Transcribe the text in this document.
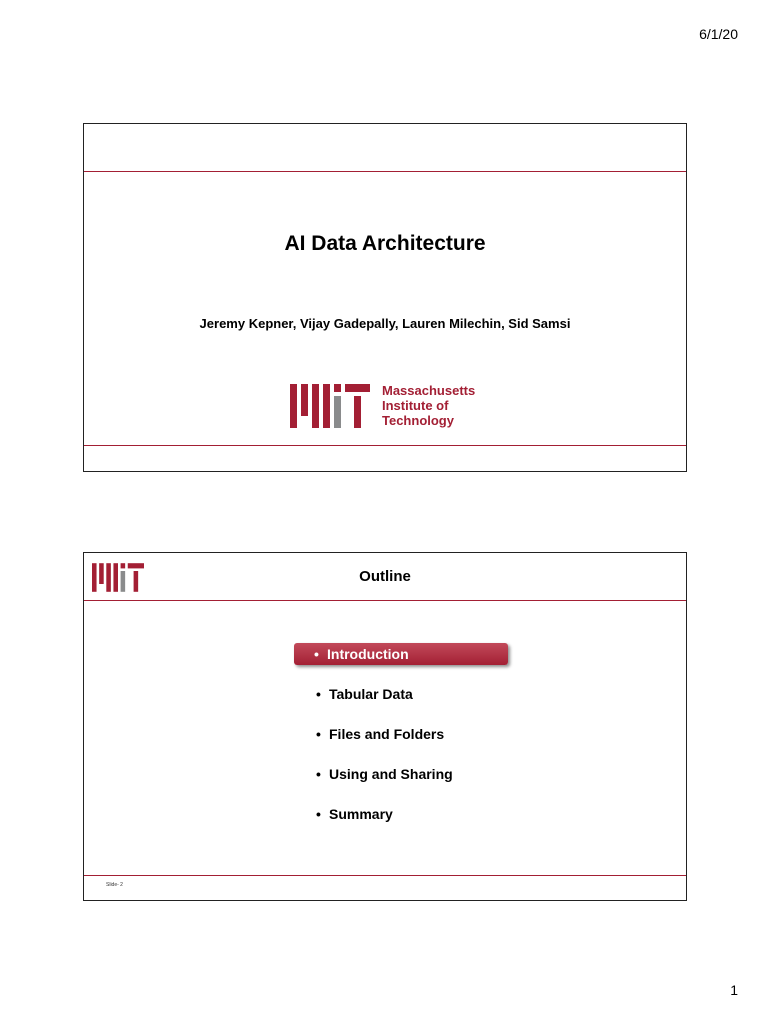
6/1/20
AI Data Architecture
Jeremy Kepner, Vijay Gadepally, Lauren Milechin, Sid Samsi
Massachusetts
Institute of
Technology
Outline
• Introduction
• Tabular Data
• Files and Folders
• Using and Sharing
• Summary
Slide- 2
1
